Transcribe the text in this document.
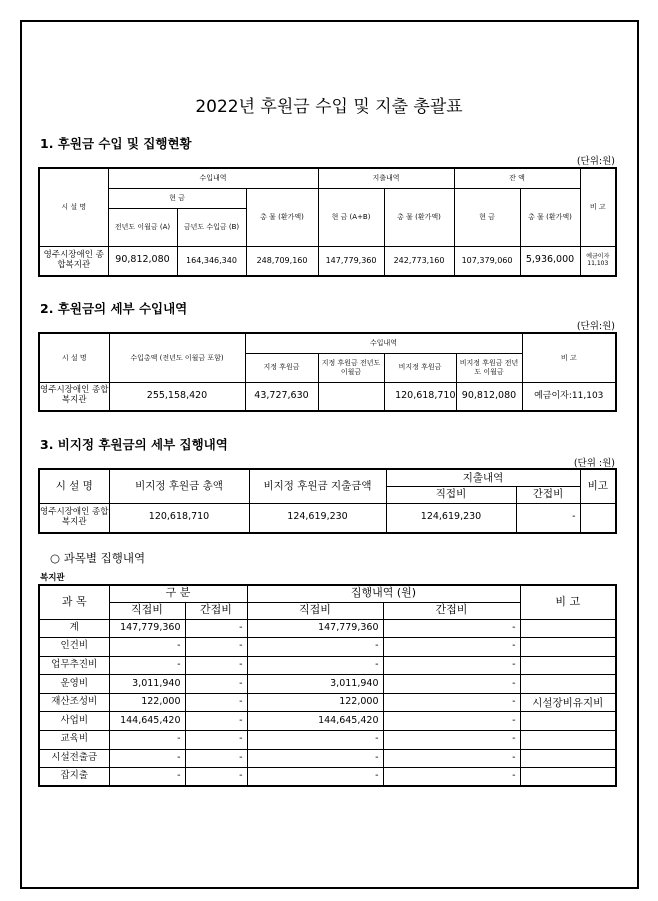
2022년 후원금 수입 및 지출 총괄표
1. 후원금 수입 및 집행현황
(단위:원)
시 설 명	수입내역			지출내역		잔 액		비 고
	현 금		총 물 (환가액)	현 금 (A+B)	총 물 (환가액)	현 금	총 물 (환가액)	
	전년도 이월금 (A)	금년도 수입금 (B)						
영주시장애인 종합복지관	90,812,080	164,346,340	248,709,160	147,779,360	242,773,160	107,379,060	5,936,000	예금이자 11,103
2. 후원금의 세부 수입내역
(단위:원)
시 설 명	수입총액 (전년도 이월금 포함)	수입내역				비 고
		지정 후원금	지정 후원금 전년도 이월금	비지정 후원금	비지정 후원금 전년도 이월금	
영주시장애인 종합복지관	255,158,420	43,727,630		120,618,710	90,812,080	예금이자:11,103
3. 비지정 후원금의 세부 집행내역
(단위 :원)
시 설 명	비지정 후원금 총액	비지정 후원금 지출금액	지출내역		비고
			직접비	간접비	
영주시장애인 종합복지관	120,618,710	124,619,230	124,619,230	-	
○ 과목별 집행내역
복지관
과 목	구 분		집행내역 (원)		비 고
	직접비	간접비	직접비	간접비	
계	147,779,360	-	147,779,360	-	
인건비	-	-	-	-	
업무추진비	-	-	-	-	
운영비	3,011,940	-	3,011,940	-	
재산조성비	122,000	-	122,000	-	시설장비유지비
사업비	144,645,420	-	144,645,420	-	
교육비	-	-	-	-	
시설전출금	-	-	-	-	
잡지출	-	-	-	-	
